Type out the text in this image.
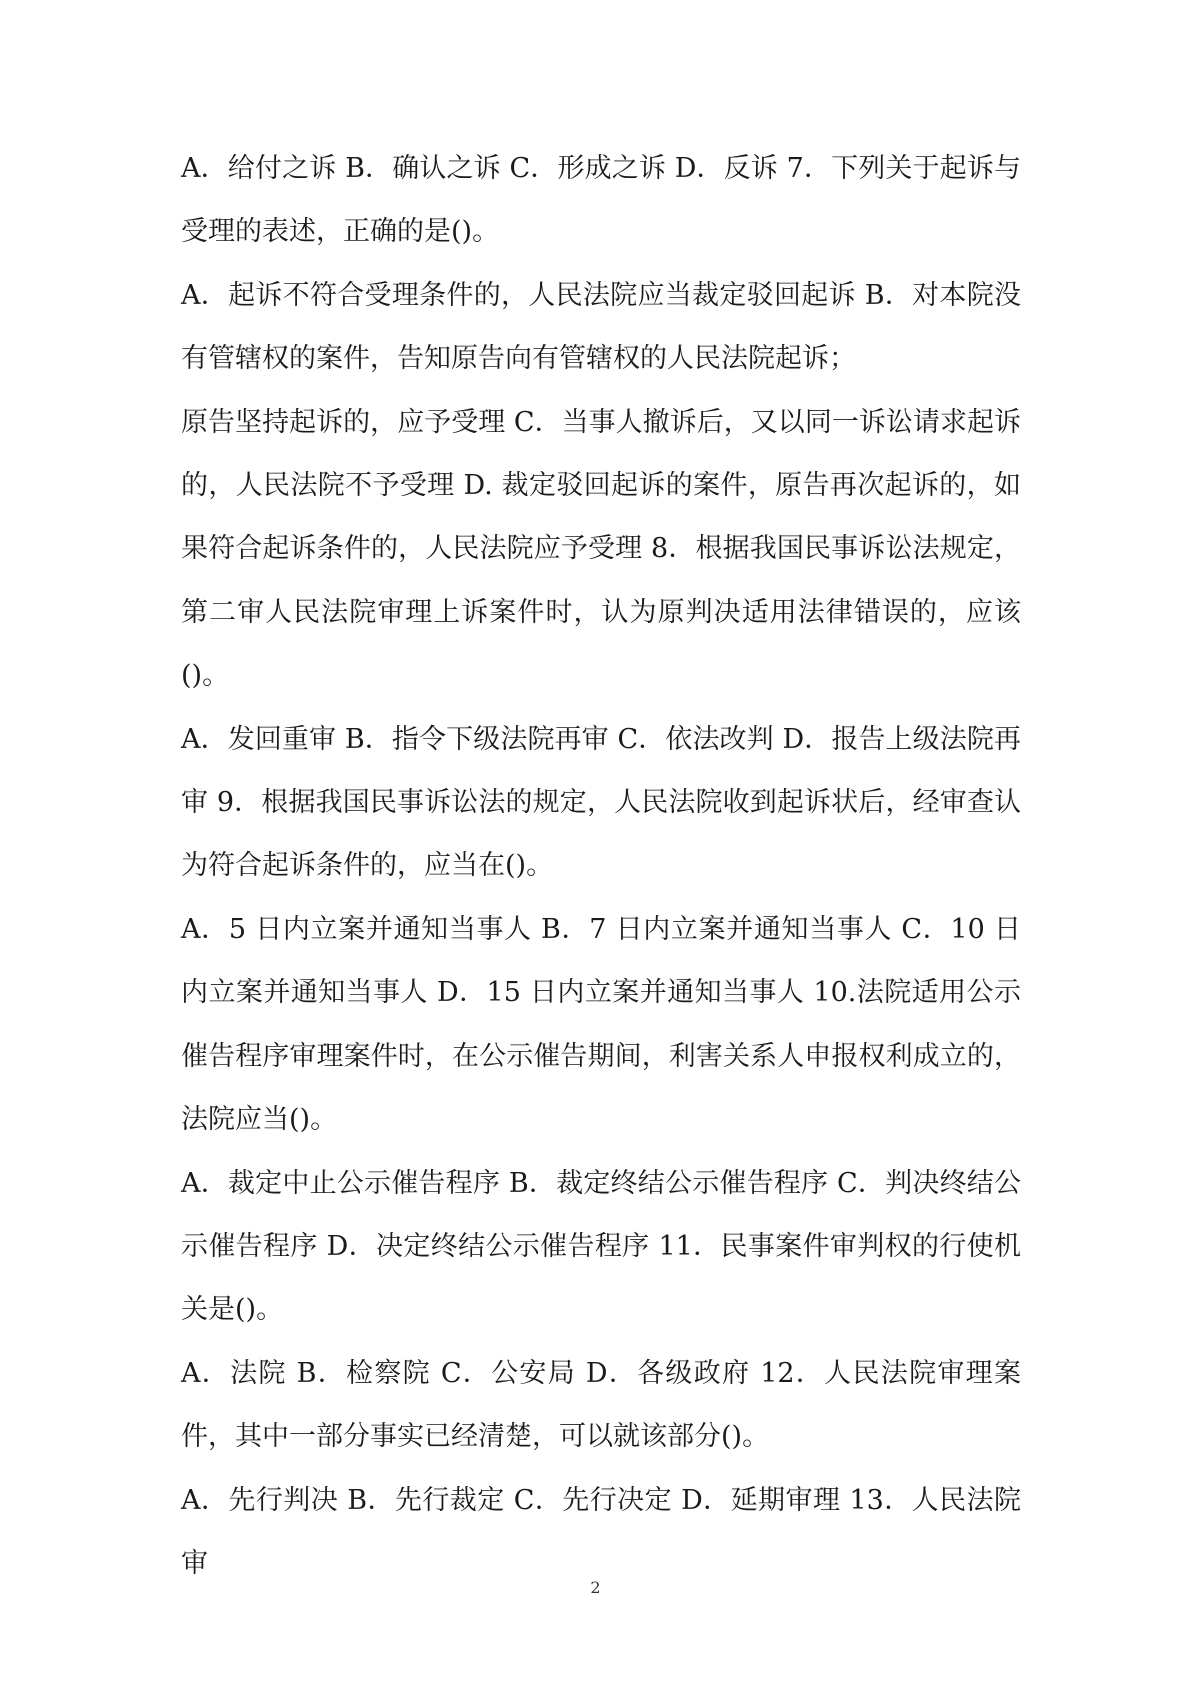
A．给付之诉 B．确认之诉 C．形成之诉 D．反诉 7．下列关于起诉与受理的表述，正确的是()。

A．起诉不符合受理条件的，人民法院应当裁定驳回起诉 B．对本院没有管辖权的案件，告知原告向有管辖权的人民法院起诉；

原告坚持起诉的，应予受理 C．当事人撤诉后，又以同一诉讼请求起诉的，人民法院不予受理 D. 裁定驳回起诉的案件，原告再次起诉的，如果符合起诉条件的，人民法院应予受理 8．根据我国民事诉讼法规定，第二审人民法院审理上诉案件时，认为原判决适用法律错误的，应该()。

A．发回重审 B．指令下级法院再审 C．依法改判 D．报告上级法院再审 9．根据我国民事诉讼法的规定，人民法院收到起诉状后，经审查认为符合起诉条件的，应当在()。

A．5 日内立案并通知当事人 B．7 日内立案并通知当事人 C．10 日内立案并通知当事人 D．15 日内立案并通知当事人 10.法院适用公示催告程序审理案件时，在公示催告期间，利害关系人申报权利成立的，法院应当()。

A．裁定中止公示催告程序 B．裁定终结公示催告程序 C．判决终结公示催告程序 D．决定终结公示催告程序 11．民事案件审判权的行使机关是()。

A．法院 B．检察院 C．公安局 D．各级政府 12．人民法院审理案件，其中一部分事实已经清楚，可以就该部分()。

A．先行判决 B．先行裁定 C．先行决定 D．延期审理 13．人民法院审

2
